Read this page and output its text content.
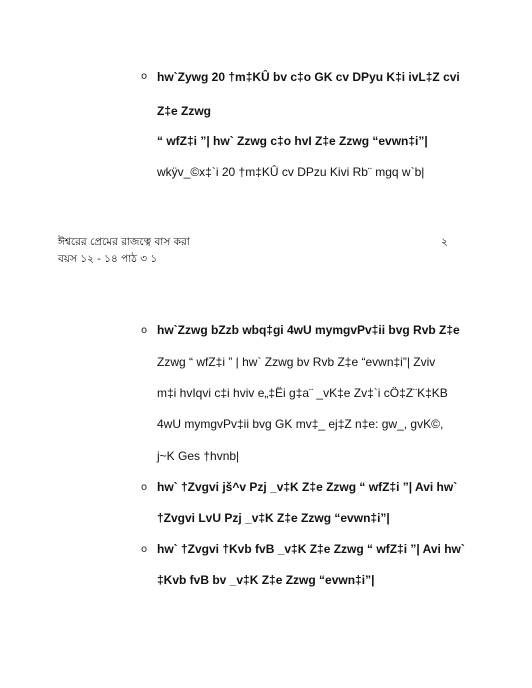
o hw`Zywg 20 †m‡KÛ bv c‡o GK cv DPyu K‡i ivL‡Z cvi
Z‡e Zzwg
“ wfZ‡i ”| hw` Zzwg c‡o hvI Z‡e Zzwg “evwn‡i”|
wkÿv_©x‡`i 20 †m‡KÛ cv DPzu Kivi Rb¨ mgq w`b|
ঈশ্বরের প্রেমের রাজত্বে বাস করা	২
বয়স ১২ - ১৪ পাঠ ৩ ১
o hw`Zzwg bZzb wbq‡gi 4wU mymgvPv‡ii bvg Rvb Z‡e
Zzwg “ wfZ‡i ” | hw` Zzwg bv Rvb Z‡e “evwn‡i”| Zviv
m‡i hvIqvi c‡i hviv e„‡Ëi g‡a¨ _vK‡e Zv‡`i cÖ‡Z¨K‡KB
4wU mymgvPv‡ii bvg GK mv‡_ ej‡Z n‡e: gw_, gvK©,
j~K Ges †hvnb|
o hw` †Zvgvi jš^v Pzj _v‡K Z‡e Zzwg “ wfZ‡i ”| Avi hw`
†Zvgvi LvU Pzj _v‡K Z‡e Zzwg “evwn‡i”|
o hw` †Zvgvi †Kvb fvB _v‡K Z‡e Zzwg “ wfZ‡i ”| Avi hw`
‡Kvb fvB bv _v‡K Z‡e Zzwg “evwn‡i”|
